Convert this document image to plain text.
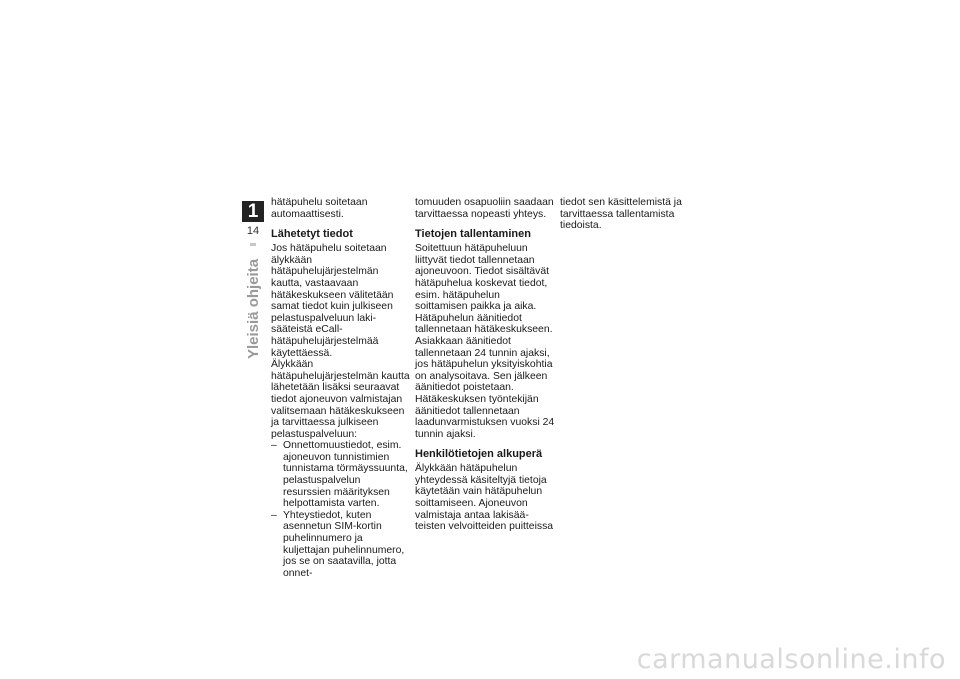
1
14
Yleisiä ohjeita

hätäpuhelu soitetaan automaattisesti.

Lähetetyt tiedot

Jos hätäpuhelu soitetaan älykkään hätäpuhelujärjestelmän kautta, vastaavaan hätäkeskukseen välitetään samat tiedot kuin julkiseen pelastuspalveluun lakisääteistä eCall-hätäpuhelujärjestelmää käytettäessä.

Älykkään hätäpuhelujärjestelmän kautta lähetetään lisäksi seuraavat tiedot ajoneuvon valmistajan valitsemaan hätäkeskukseen ja tarvittaessa julkiseen pelastuspalveluun:

– Onnettomuustiedot, esim. ajoneuvon tunnistimien tunnistama törmäyssuunta, pelastuspalvelun resurssien määrityksen helpottamista varten.
– Yhteystiedot, kuten asennetun SIM-kortin puhelinnumero ja kuljettajan puhelinnumero, jos se on saatavilla, jotta onnet-

tomuuden osapuoliin saadaan tarvittaessa nopeasti yhteys.

Tietojen tallentaminen

Soitettuun hätäpuheluun liittyvät tiedot tallennetaan ajoneuvoon. Tiedot sisältävät hätäpuhelua koskevat tiedot, esim. hätäpuhelun soittamisen paikka ja aika. Hätäpuhelun äänitiedot tallennetaan hätäkeskukseen.

Asiakkaan äänitiedot tallennetaan 24 tunnin ajaksi, jos hätäpuhelun yksityiskohtia on analysoitava. Sen jälkeen äänitiedot poistetaan. Hätäkeskuksen työntekijän äänitiedot tallennetaan laadunvarmistuksen vuoksi 24 tunnin ajaksi.

Henkilötietojen alkuperä

Älykkään hätäpuhelun yhteydessä käsiteltyjä tietoja käytetään vain hätäpuhelun soittamiseen. Ajoneuvon valmistaja antaa lakisääteisten velvoitteiden puitteissa

tiedot sen käsittelemistä ja tarvittaessa tallentamista tiedoista.

carmanualsonline.info
